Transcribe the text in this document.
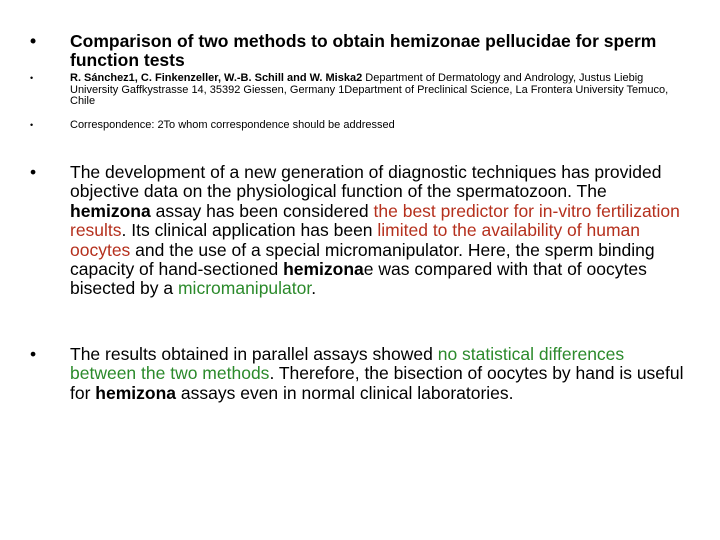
• Comparison of two methods to obtain hemizonae pellucidae for sperm function tests
•	R. Sánchez1, C. Finkenzeller, W.-B. Schill and W. Miska2 Department of Dermatology and Andrology, Justus Liebig University Gaffkystrasse 14, 35392 Giessen, Germany 1Department of Preclinical Science, La Frontera University Temuco, Chile
•	Correspondence: 2To whom correspondence should be addressed
• The development of a new generation of diagnostic techniques has provided objective data on the physiological function of the spermatozoon. The hemizona assay has been considered the best predictor for in-vitro fertilization results. Its clinical application has been limited to the availability of human oocytes and the use of a special micromanipulator. Here, the sperm binding capacity of hand-sectioned hemizonae was compared with that of oocytes bisected by a micromanipulator.
• The results obtained in parallel assays showed no statistical differences between the two methods. Therefore, the bisection of oocytes by hand is useful for hemizona assays even in normal clinical laboratories.
